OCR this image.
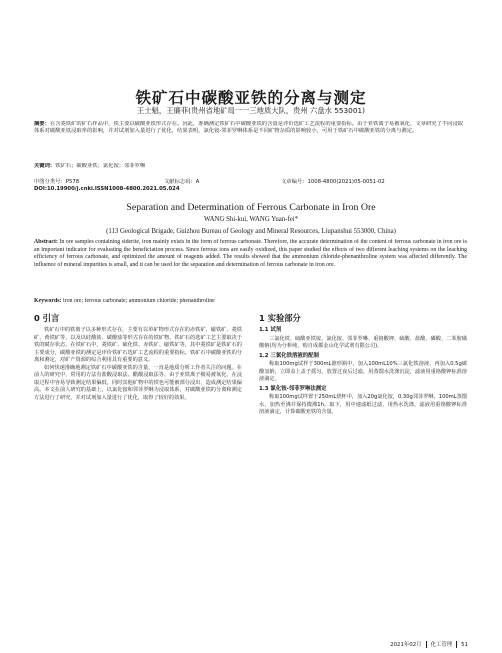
铁矿石中碳酸亚铁的分离与测定
王士魁，王廉菲(贵州省地矿局一一三地质大队，贵州 六盘水 553001)
摘要：在含菱铁矿的矿石样品中，铁主要以碳酸亚铁形式存在。因此，准确测定铁矿石中碳酸亚铁的含量是评价选矿工艺流程的重要指标。由于亚铁离子易被氧化，文章研究了不同浸取体系对碳酸亚铁浸取率的影响，并对试剂加入量进行了优化，结果表明，氯化铵-邻菲罗啉体系是不同矿物杂质的影响较小，可用于铁矿石中碳酸亚铁的分离与测定。
关键词：铁矿石；碳酸亚铁；氯化铵；邻菲罗啉
中图分类号：P578	文献标志码：A	文章编号：1008-4800(2021)05-0051-02
DOI:10.19900/j.cnki.ISSN1008-4800.2021.05.024
Separation and Determination of Ferrous Carbonate in Iron Ore
WANG Shi-kui, WANG Yuan-fei*
(113 Geological Brigade, Guizhou Bureau of Geology and Mineral Resources, Liupanshui 553000, China)
Abstract: In ore samples containing siderite, iron mainly exists in the form of ferrous carbonate. Therefore, the accurate determination of the content of ferrous carbonate in iron ore is an important indicator for evaluating the beneficiation process. Since ferrous ions are easily oxidized, this paper studied the effects of two different leaching systems on the leaching efficiency of ferrous carbonate, and optimized the amount of reagents added. The results showed that the ammonium chloride-phenanthroline system was affected differently. The influence of mineral impurities is small, and it can be used for the separation and determination of ferrous carbonate in iron ore.
Keywords: iron ore; ferrous carbonate; ammonium chloride; phenanthroline
0 引言

铁矿石中的铁离子以多种形式存在，主要有以单矿物形式存在的赤铁矿、磁铁矿、菱铁矿、黄铁矿等，以及以硅酸盐、碳酸盐等形式存在的铁矿物。铁矿石的选矿工艺主要取决于铁的赋存状态。在铁矿石中，菱铁矿、硫化铁、赤铁矿、磁铁矿等，其中菱铁矿是铁矿石的主要成分，碳酸亚铁的测定是评价铁矿石选矿工艺流程的重要指标。铁矿石中碳酸亚铁的分离和测定，对矿产资源的综合利用具有重要的意义。

如何快速准确地测定铁矿石中碳酸亚铁的含量，一直是地质分析工作者关注的问题。在前人的研究中，常用的方法有盐酸浸取法、醋酸浸取法等。由于亚铁离子极易被氧化，在浸取过程中容易导致测定结果偏低，同时其他矿物中的铁也可能被部分浸出，造成测定结果偏高。本文在前人研究的基础上，以氯化铵和邻菲罗啉为浸取体系，对碳酸亚铁的分离和测定方法进行了研究，并对试剂加入量进行了优化，取得了较好的效果。

1 实验部分
1.1 试剂

三氯化铁、硫酸亚铁铵、氯化铵、邻菲罗啉、重铬酸钾、硫酸、盐酸、磷酸、二苯胺磺酸钠(均为分析纯，购自成都金山化学试剂有限公司)。

1.2 三氯化铁溶液的配制

称取100mg试样于300mL锥形瓶中，加入100mL10%三氯化铁溶液，再加入0.5g碳酸氢钠，立即盖上盖子摇匀，放置过夜后过滤，用蒸馏水洗涤沉淀，滤液用重铬酸钾标准溶液滴定。

1.3 氯化铵-邻菲罗啉法测定

称取100mg试样置于250mL烧杯中，加入20g氯化铵，0.30g邻菲罗啉，100mL蒸馏水，加热至沸并保持微沸1h，取下，用中速滤纸过滤，用热水洗涤，滤液用重铬酸钾标准溶液滴定，计算碳酸亚铁的含量。

2021年02月 化工管理 51
